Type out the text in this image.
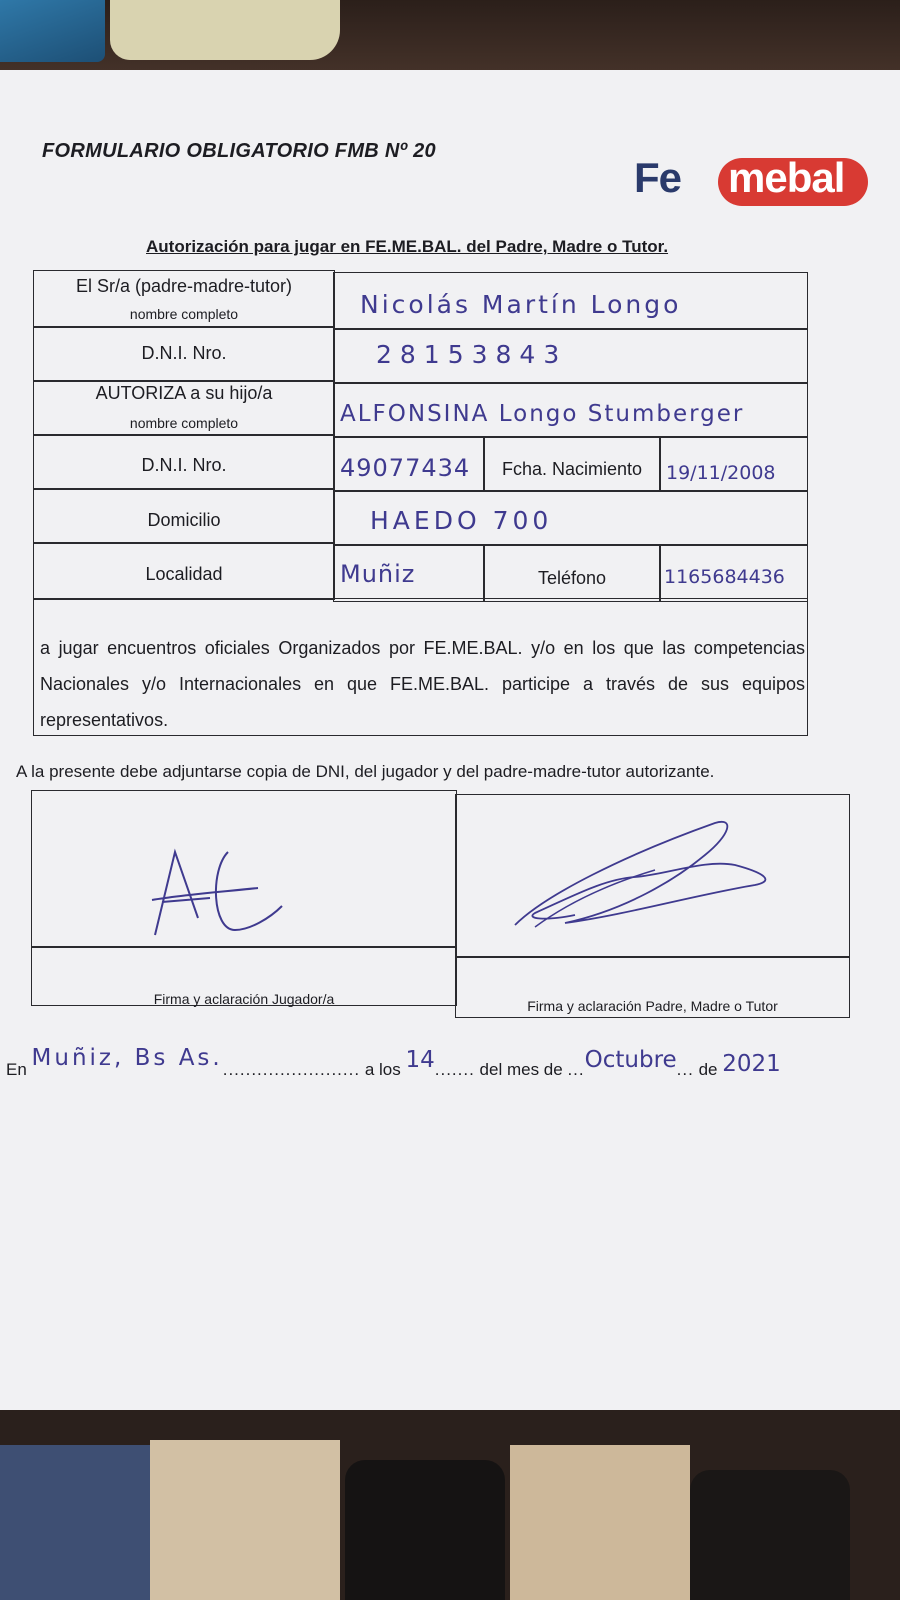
FORMULARIO OBLIGATORIO FMB Nº 20
Fe mebal
Autorización para jugar en FE.ME.BAL. del Padre, Madre o Tutor.
El Sr/a (padre-madre-tutor)
nombre completo	Nicolás Martín Longo
D.N.I. Nro.	28153843
AUTORIZA a su hijo/a
nombre completo	ALFONSINA Longo Stumberger
D.N.I. Nro.	49077434	Fcha. Nacimiento	19/11/2008
Domicilio	HAEDO 700
Localidad	Muñiz	Teléfono	1165684436
a jugar encuentros oficiales Organizados por FE.ME.BAL. y/o en los que las competencias Nacionales y/o Internacionales en que FE.ME.BAL. participe a través de sus equipos representativos.
A la presente debe adjuntarse copia de DNI, del jugador y del padre-madre-tutor autorizante.
Firma y aclaración Jugador/a	Firma y aclaración Padre, Madre o Tutor
En Muñiz, Bs As......................... a los 14....... del mes de ...Octubre... de 2021
